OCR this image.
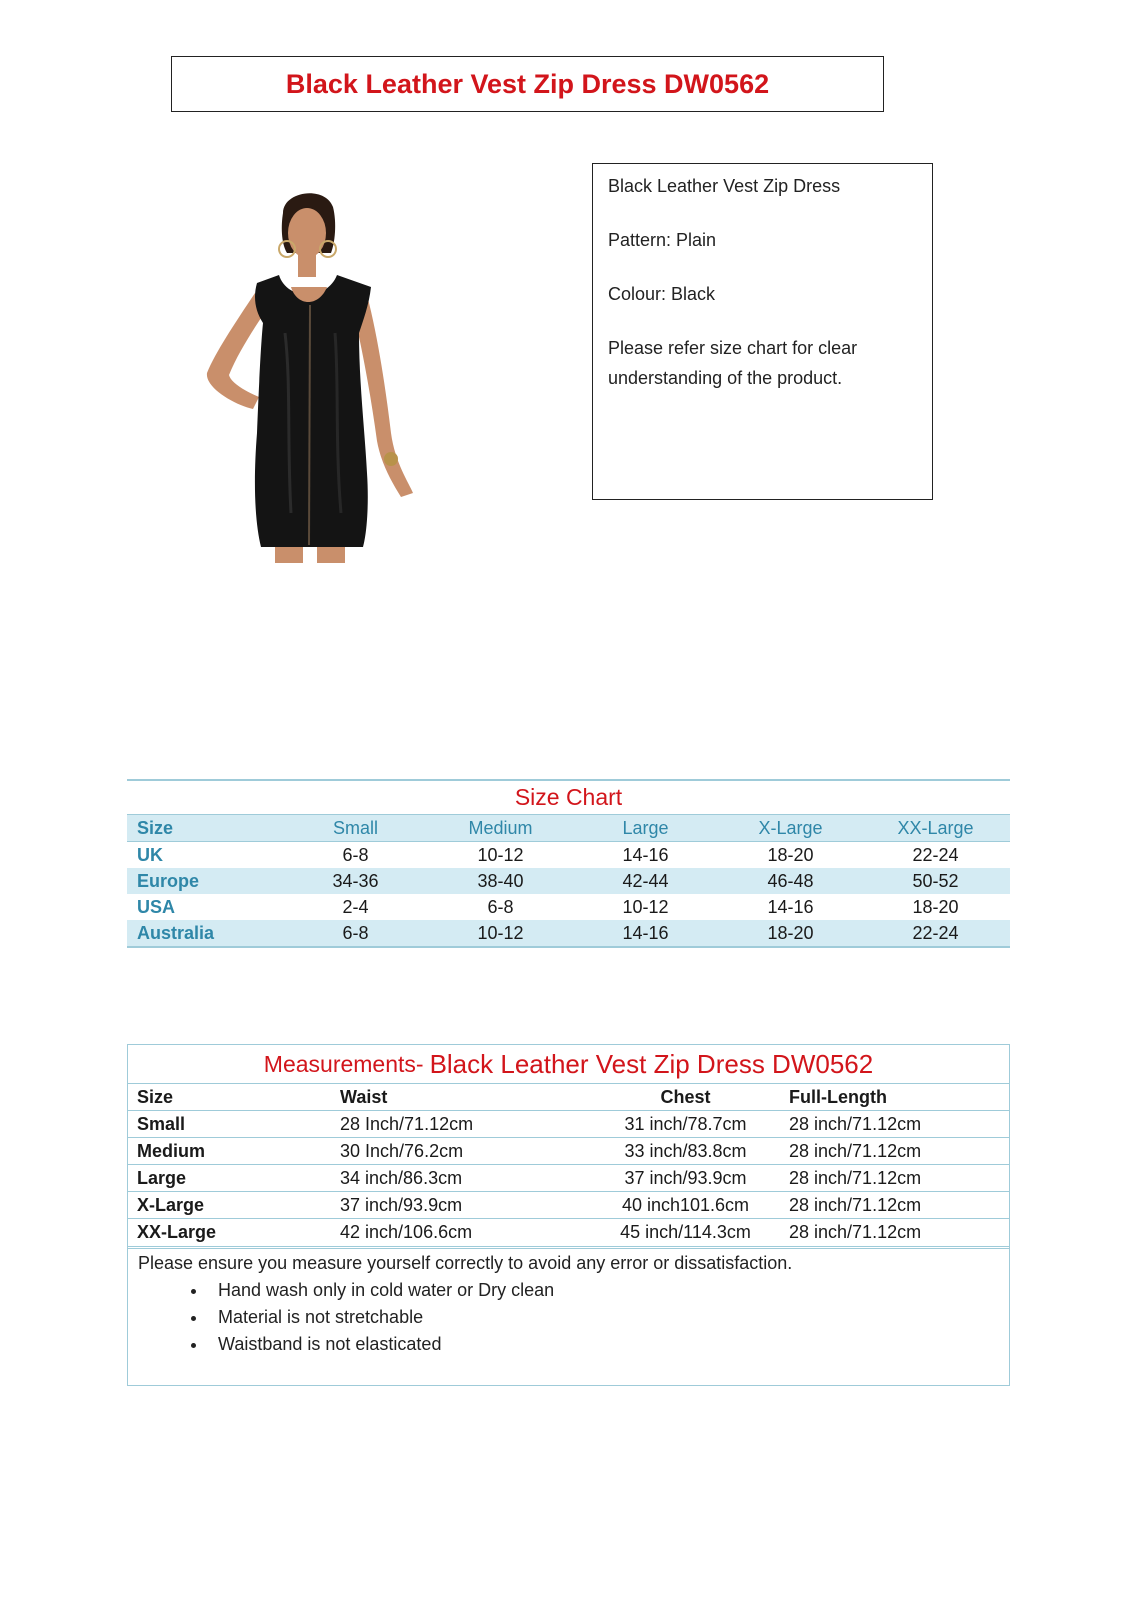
Black Leather Vest Zip Dress DW0562

Black Leather Vest Zip Dress

Pattern: Plain

Colour: Black

Please refer size chart for clear understanding of the product.

Size Chart
Size	Small	Medium	Large	X-Large	XX-Large
UK	6-8	10-12	14-16	18-20	22-24
Europe	34-36	38-40	42-44	46-48	50-52
USA	2-4	6-8	10-12	14-16	18-20
Australia	6-8	10-12	14-16	18-20	22-24
Measurements- Black Leather Vest Zip Dress DW0562
Size	Waist	Chest	Full-Length
Small	28 Inch/71.12cm	31 inch/78.7cm	28 inch/71.12cm
Medium	30 Inch/76.2cm	33 inch/83.8cm	28 inch/71.12cm
Large	34 inch/86.3cm	37 inch/93.9cm	28 inch/71.12cm
X-Large	37 inch/93.9cm	40 inch101.6cm	28 inch/71.12cm
XX-Large	42 inch/106.6cm	45 inch/114.3cm	28 inch/71.12cm
Please ensure you measure yourself correctly to avoid any error or dissatisfaction.
• Hand wash only in cold water or Dry clean
• Material is not stretchable
• Waistband is not elasticated
